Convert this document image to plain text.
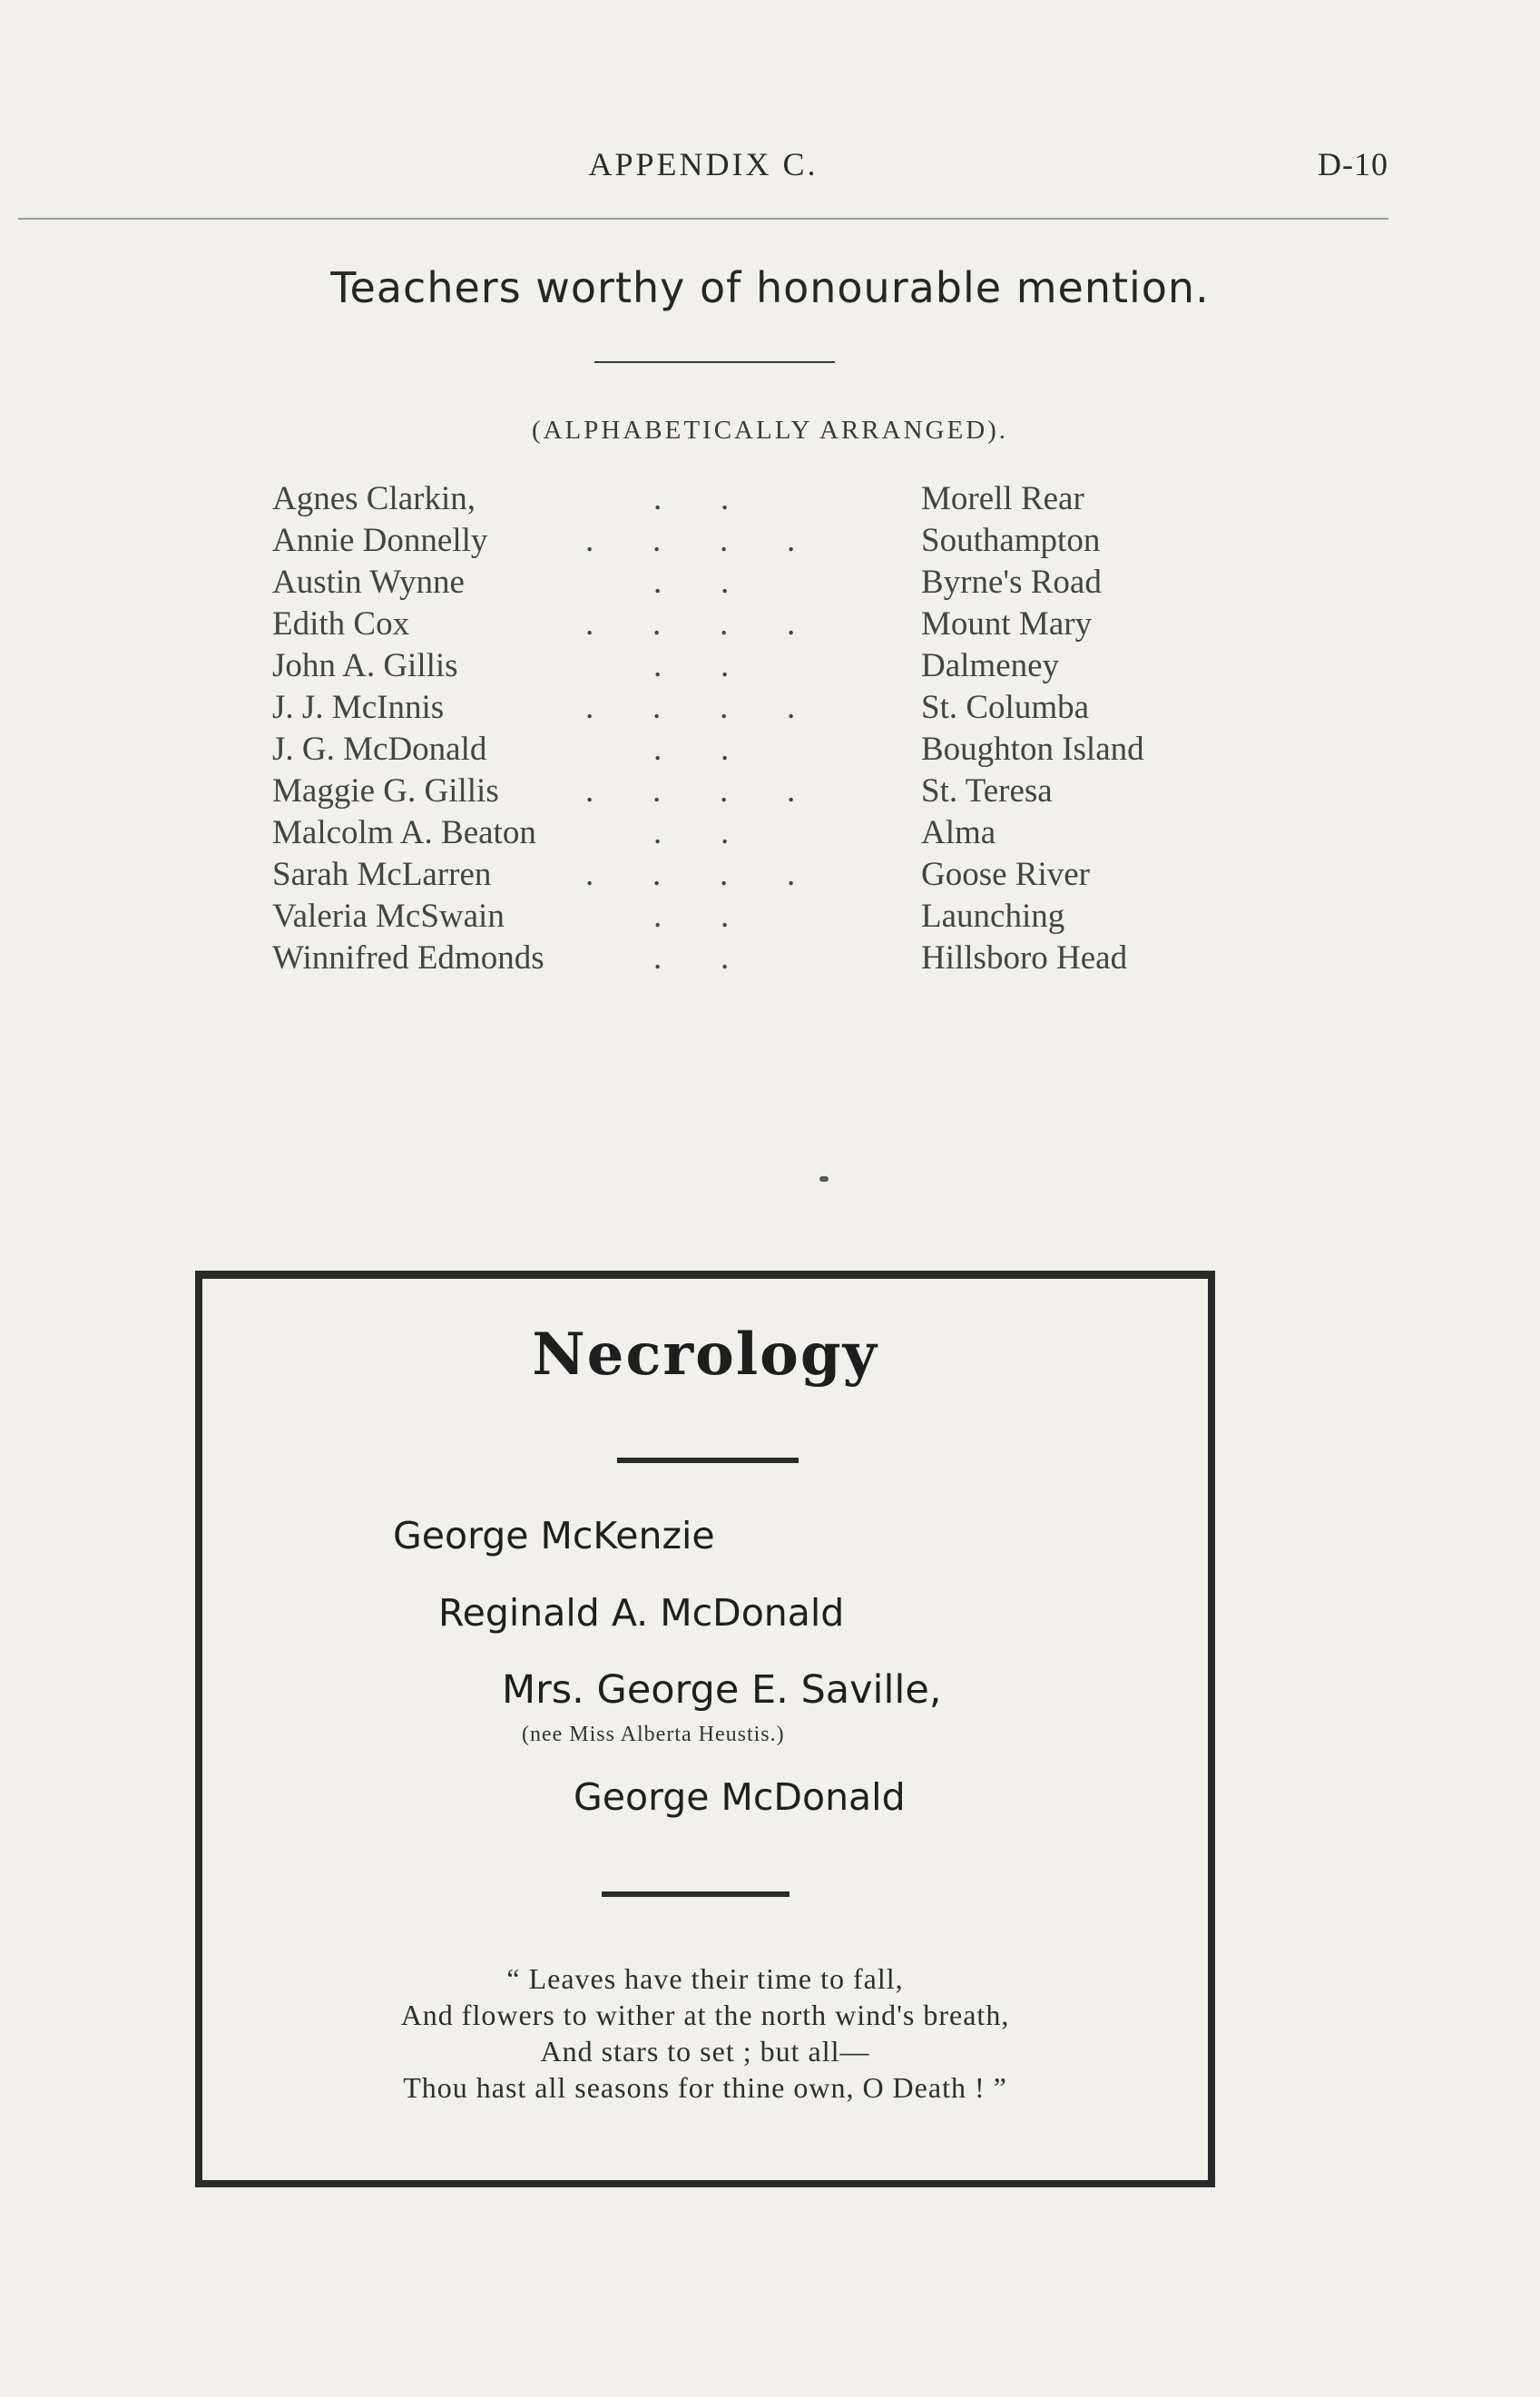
APPENDIX C.	D-10
Teachers worthy of honourable mention.
(ALPHABETICALLY ARRANGED).
Agnes Clarkin,	.       .	Morell Rear
Annie Donnelly	.       .       .       .	Southampton
Austin Wynne	.       .	Byrne's Road
Edith Cox	.       .       .       .	Mount Mary
John A. Gillis	.       .	Dalmeney
J. J. McInnis	.       .       .       .	St. Columba
J. G. McDonald	.       .	Boughton Island
Maggie G. Gillis	.       .       .       .	St. Teresa
Malcolm A. Beaton	.       .	Alma
Sarah McLarren	.       .       .       .	Goose River
Valeria McSwain	.       .	Launching
Winnifred Edmonds	.       .	Hillsboro Head
Necrology
George McKenzie
Reginald A. McDonald
Mrs. George E. Saville,
(nee Miss Alberta Heustis.)
George McDonald
“ Leaves have their time to fall,
And flowers to wither at the north wind's breath,
And stars to set ; but all—
Thou hast all seasons for thine own, O Death ! ”
